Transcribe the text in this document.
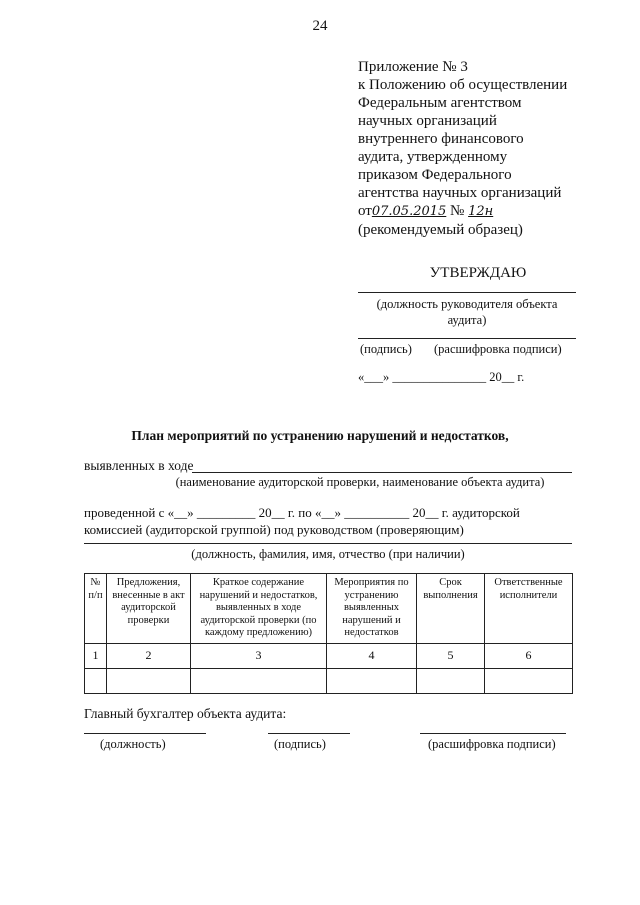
24
Приложение № 3
к Положению об осуществлении
Федеральным агентством
научных организаций
внутреннего финансового
аудита, утвержденному
приказом Федерального
агентства научных организаций
от07.05.2015 № 12н
(рекомендуемый образец)
УТВЕРЖДАЮ
(должность руководителя объекта аудита)
(подпись) (расшифровка подписи)
«___» _______________ 20__ г.
План мероприятий по устранению нарушений и недостатков,
выявленных в ходе
(наименование аудиторской проверки, наименование объекта аудита)
проведенной с «__» _________ 20__ г. по «__» __________ 20__ г. аудиторской
комиссией (аудиторской группой) под руководством (проверяющим)
(должность, фамилия, имя, отчество (при наличии)
№ п/п	Предложения, внесенные в акт аудиторской проверки	Краткое содержание нарушений и недостатков, выявленных в ходе аудиторской проверки (по каждому предложению)	Мероприятия по устранению выявленных нарушений и недостатков	Срок выполнения	Ответственные исполнители
1	2	3	4	5	6

Главный бухгалтер объекта аудита:
(должность)	(подпись)	(расшифровка подписи)
